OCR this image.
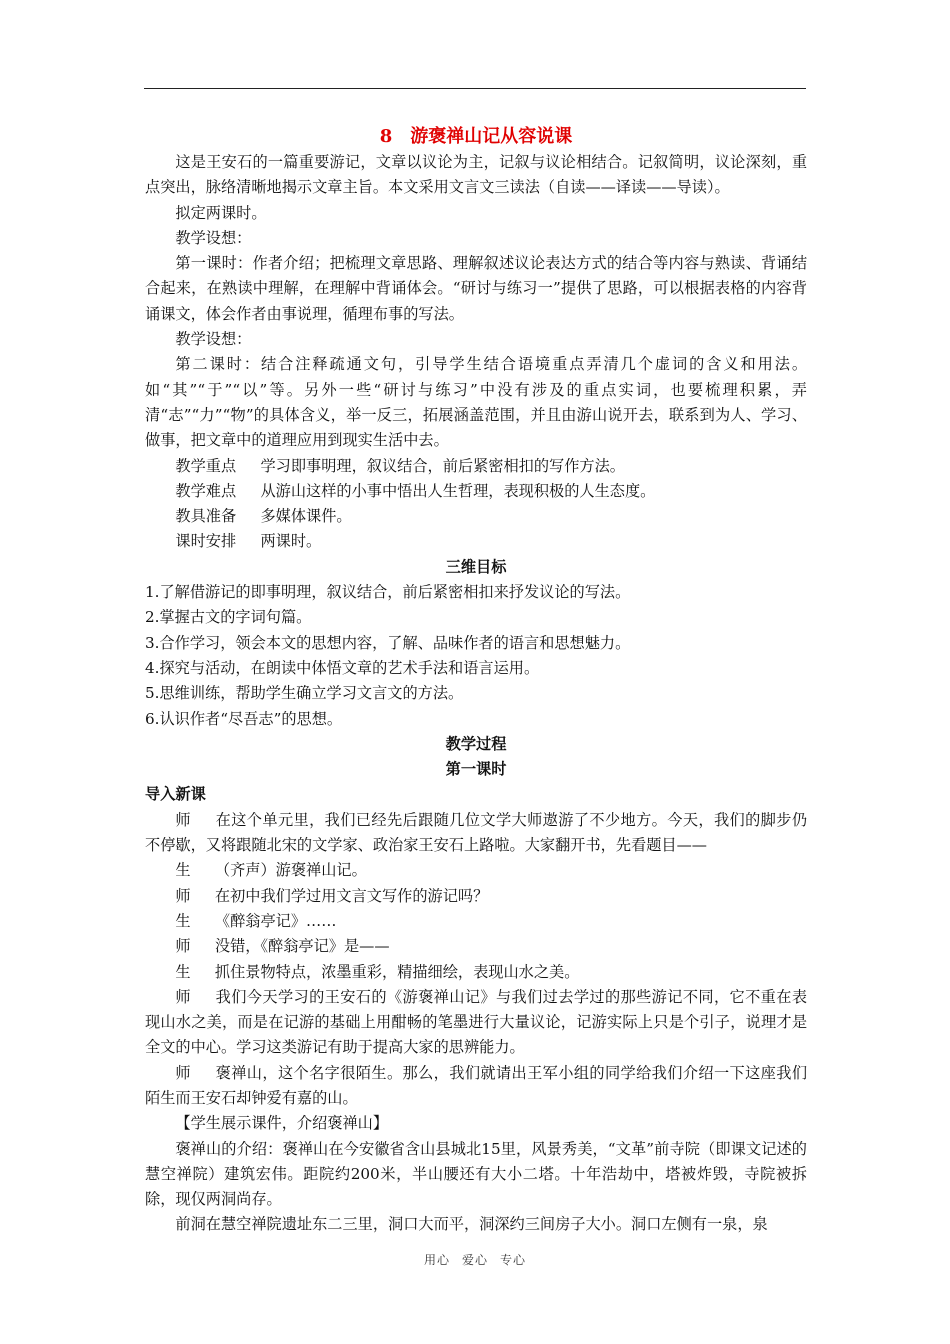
8　游褒禅山记从容说课

这是王安石的一篇重要游记，文章以议论为主，记叙与议论相结合。记叙简明，议论深刻，重点突出，脉络清晰地揭示文章主旨。本文采用文言文三读法（自读——译读——导读）。

拟定两课时。

教学设想：

第一课时：作者介绍；把梳理文章思路、理解叙述议论表达方式的结合等内容与熟读、背诵结合起来，在熟读中理解，在理解中背诵体会。“研讨与练习一”提供了思路，可以根据表格的内容背诵课文，体会作者由事说理，循理布事的写法。

教学设想：

第二课时：结合注释疏通文句，引导学生结合语境重点弄清几个虚词的含义和用法。如“其”“于”“以”等。另外一些“研讨与练习”中没有涉及的重点实词，也要梳理积累，弄清“志”“力”“物”的具体含义，举一反三，拓展涵盖范围，并且由游山说开去，联系到为人、学习、做事，把文章中的道理应用到现实生活中去。

教学重点 学习即事明理，叙议结合，前后紧密相扣的写作方法。

教学难点 从游山这样的小事中悟出人生哲理，表现积极的人生态度。

教具准备 多媒体课件。

课时安排 两课时。

三维目标

1.了解借游记的即事明理，叙议结合，前后紧密相扣来抒发议论的写法。

2.掌握古文的字词句篇。

3.合作学习，领会本文的思想内容，了解、品味作者的语言和思想魅力。

4.探究与活动，在朗读中体悟文章的艺术手法和语言运用。

5.思维训练，帮助学生确立学习文言文的方法。

6.认识作者“尽吾志”的思想。

教学过程

第一课时

导入新课

师 在这个单元里，我们已经先后跟随几位文学大师遨游了不少地方。今天，我们的脚步仍不停歇，又将跟随北宋的文学家、政治家王安石上路啦。大家翻开书，先看题目——

生 （齐声）游褒禅山记。

师 在初中我们学过用文言文写作的游记吗？

生 《醉翁亭记》……

师 没错，《醉翁亭记》是——

生 抓住景物特点，浓墨重彩，精描细绘，表现山水之美。

师 我们今天学习的王安石的《游褒禅山记》与我们过去学过的那些游记不同，它不重在表现山水之美，而是在记游的基础上用酣畅的笔墨进行大量议论，记游实际上只是个引子，说理才是全文的中心。学习这类游记有助于提高大家的思辨能力。

师 褒禅山，这个名字很陌生。那么，我们就请出王军小组的同学给我们介绍一下这座我们陌生而王安石却钟爱有嘉的山。

【学生展示课件，介绍褒禅山】

褒禅山的介绍：褒禅山在今安徽省含山县城北15里，风景秀美，“文革”前寺院（即课文记述的慧空禅院）建筑宏伟。距院约200米，半山腰还有大小二塔。十年浩劫中，塔被炸毁，寺院被拆除，现仅两洞尚存。

前洞在慧空禅院遗址东二三里，洞口大而平，洞深约三间房子大小。洞口左侧有一泉，泉

用心 爱心 专心
